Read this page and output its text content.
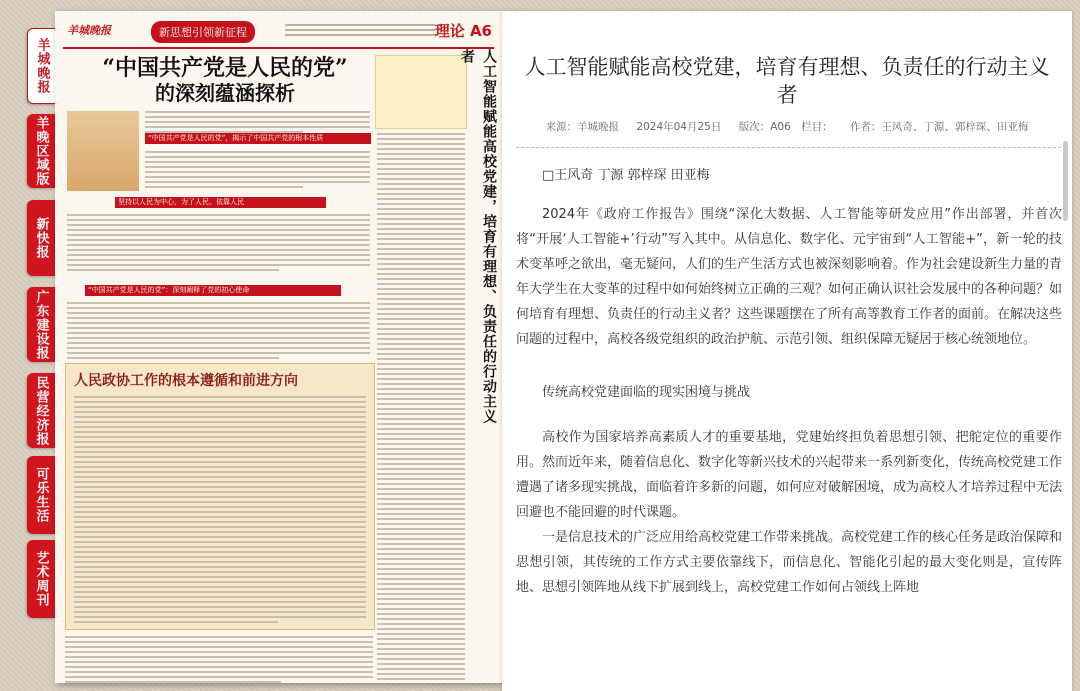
羊城晚报
羊晚区域版
新快报
广东建设报
民营经济报
可乐生活
艺术周刊
羊城晚报	新思想引领新征程	理论 A6
“中国共产党是人民的党”
的深刻蕴涵探析
“中国共产党是人民的党”，揭示了中国共产党的根本性质
坚持以人民为中心，为了人民、依靠人民
“中国共产党是人民的党”：深刻阐释了党的初心使命
人民政协工作的根本遵循和前进方向	人工智能赋能高校党建，培育有理想、负责任的行动主义者	人工智能赋能高校党建，培育有理想、负责任的行动主义者
来源：羊城晚报 2024年04月25日 版次：A06 栏目： 作者：王风奇、丁源、郭梓琛、田亚梅

□王风奇 丁源 郭梓琛 田亚梅

2024年《政府工作报告》围绕“深化大数据、人工智能等研发应用”作出部署，并首次将“开展‘人工智能+’行动”写入其中。从信息化、数字化、元宇宙到“人工智能+”，新一轮的技术变革呼之欲出，毫无疑问，人们的生产生活方式也被深刻影响着。作为社会建设新生力量的青年大学生在大变革的过程中如何始终树立正确的三观？如何正确认识社会发展中的各种问题？如何培育有理想、负责任的行动主义者？这些课题摆在了所有高等教育工作者的面前。在解决这些问题的过程中，高校各级党组织的政治护航、示范引领、组织保障无疑居于核心统领地位。

传统高校党建面临的现实困境与挑战

高校作为国家培养高素质人才的重要基地，党建始终担负着思想引领、把舵定位的重要作用。然而近年来，随着信息化、数字化等新兴技术的兴起带来一系列新变化，传统高校党建工作遭遇了诸多现实挑战，面临着许多新的问题，如何应对破解困境，成为高校人才培养过程中无法回避也不能回避的时代课题。

一是信息技术的广泛应用给高校党建工作带来挑战。高校党建工作的核心任务是政治保障和思想引领，其传统的工作方式主要依靠线下，而信息化、智能化引起的最大变化则是，宣传阵地、思想引领阵地从线下扩展到线上，高校党建工作如何占领线上阵地
